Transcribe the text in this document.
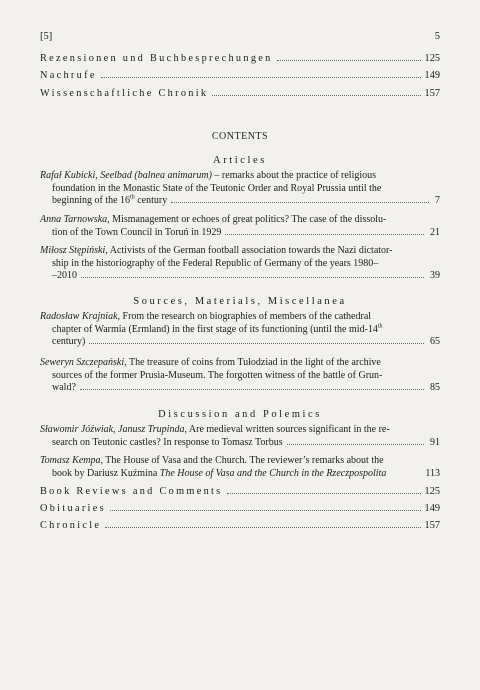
[5]	5
Rezensionen und Buchbesprechungen	125
Nachrufe	149
Wissenschaftliche Chronik	157
CONTENTS
Articles
Rafał Kubicki, Seelbad (balnea animarum) – remarks about the practice of religious
foundation in the Monastic State of the Teutonic Order and Royal Prussia until the
beginning of the 16th century	7
Anna Tarnowska, Mismanagement or echoes of great politics? The case of the dissolu-
tion of the Town Council in Toruń in 1929	21
Miłosz Stępiński, Activists of the German football association towards the Nazi dictator-
ship in the historiography of the Federal Republic of Germany of the years 1980–
–2010	39
Sources, Materials, Miscellanea
Radosław Krajniak, From the research on biographies of members of the cathedral
chapter of Warmia (Ermland) in the first stage of its functioning (until the mid-14th
century)	65
Seweryn Szczepański, The treasure of coins from Tułodziad in the light of the archive
sources of the former Prusia-Museum. The forgotten witness of the battle of Grun-
wald?	85
Discussion and Polemics
Sławomir Jóźwiak, Janusz Trupinda, Are medieval written sources significant in the re-
search on Teutonic castles? In response to Tomasz Torbus	91
Tomasz Kempa, The House of Vasa and the Church. The reviewer’s remarks about the
book by Dariusz Kuźmina The House of Vasa and the Church in the Rzeczpospolita	113
Book Reviews and Comments	125
Obituaries	149
Chronicle	157
